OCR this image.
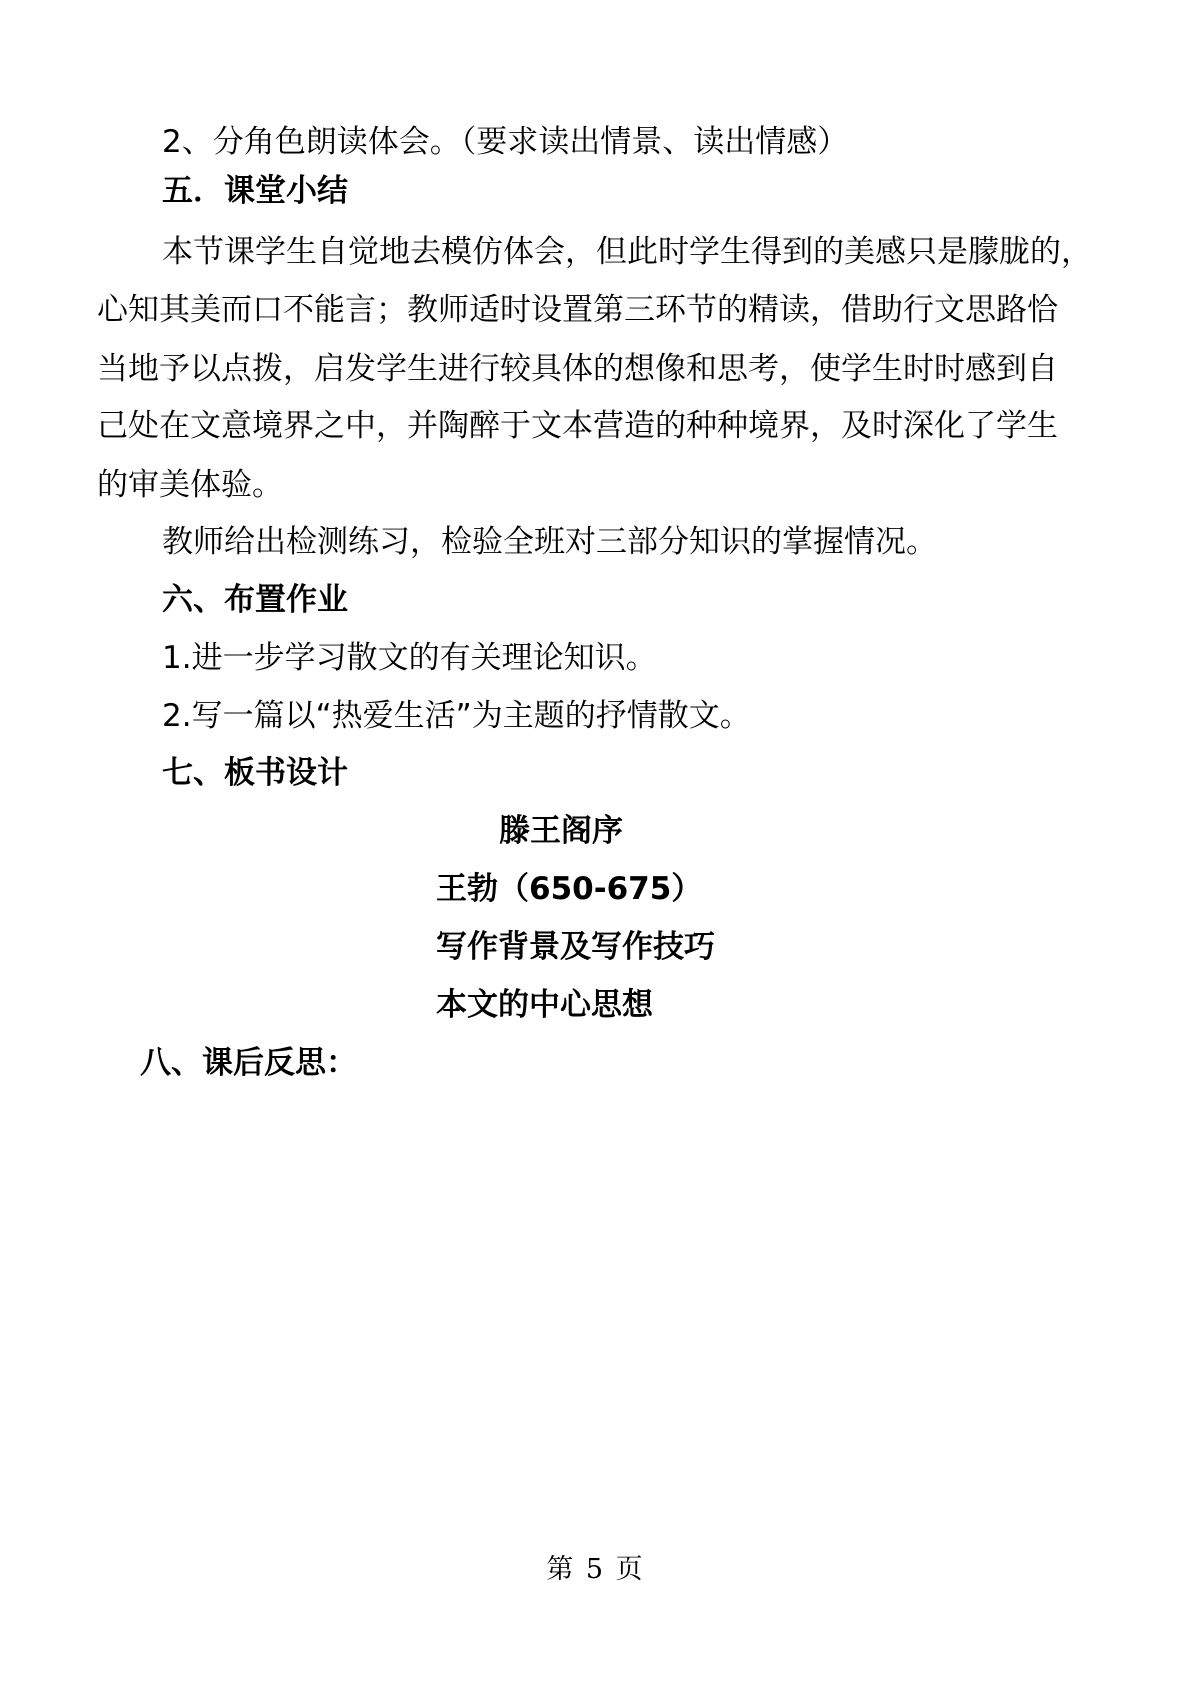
2、分角色朗读体会。（要求读出情景、读出情感）
五．课堂小结
本节课学生自觉地去模仿体会，但此时学生得到的美感只是朦胧的，
心知其美而口不能言；教师适时设置第三环节的精读，借助行文思路恰
当地予以点拨，启发学生进行较具体的想像和思考，使学生时时感到自
己处在文意境界之中，并陶醉于文本营造的种种境界，及时深化了学生
的审美体验。
教师给出检测练习，检验全班对三部分知识的掌握情况。
六、布置作业
1.进一步学习散文的有关理论知识。
2.写一篇以“热爱生活”为主题的抒情散文。
七、板书设计
滕王阁序
王勃（650-675）
写作背景及写作技巧
本文的中心思想
八、课后反思：
第 5 页
